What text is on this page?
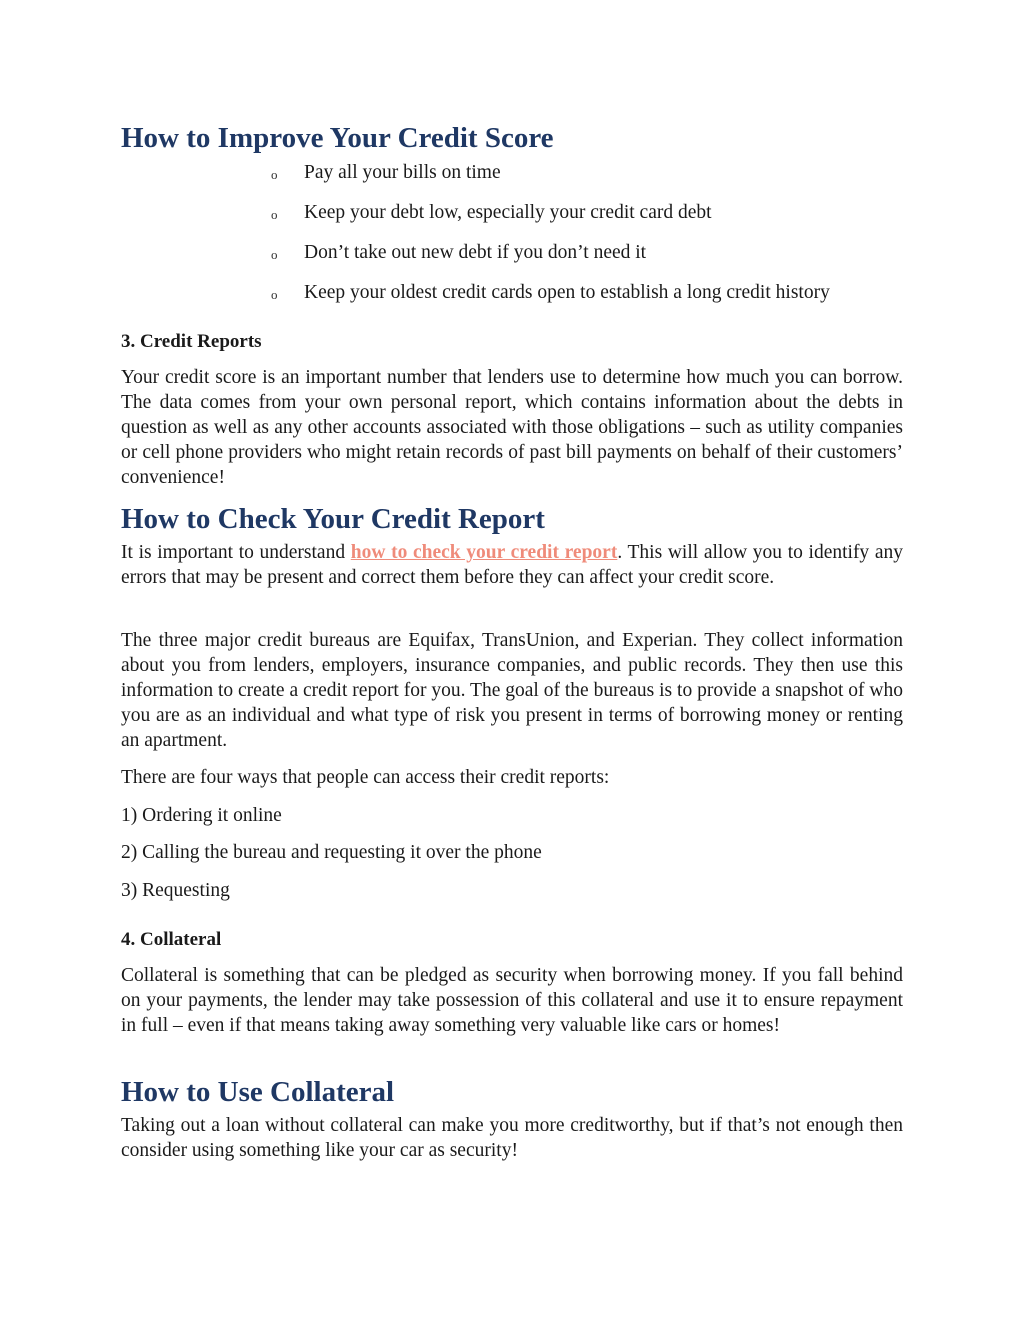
How to Improve Your Credit Score
o Pay all your bills on time
o Keep your debt low, especially your credit card debt
o Don’t take out new debt if you don’t need it
o Keep your oldest credit cards open to establish a long credit history
3. Credit Reports

Your credit score is an important number that lenders use to determine how much you can borrow. The data comes from your own personal report, which contains information about the debts in question as well as any other accounts associated with those obligations – such as utility companies or cell phone providers who might retain records of past bill payments on behalf of their customers’ convenience!

How to Check Your Credit Report

It is important to understand how to check your credit report. This will allow you to identify any errors that may be present and correct them before they can affect your credit score.

The three major credit bureaus are Equifax, TransUnion, and Experian. They collect information about you from lenders, employers, insurance companies, and public records. They then use this information to create a credit report for you. The goal of the bureaus is to provide a snapshot of who you are as an individual and what type of risk you present in terms of borrowing money or renting an apartment.

There are four ways that people can access their credit reports:

1) Ordering it online

2) Calling the bureau and requesting it over the phone

3) Requesting

4. Collateral

Collateral is something that can be pledged as security when borrowing money. If you fall behind on your payments, the lender may take possession of this collateral and use it to ensure repayment in full – even if that means taking away something very valuable like cars or homes!

How to Use Collateral

Taking out a loan without collateral can make you more creditworthy, but if that’s not enough then consider using something like your car as security!
